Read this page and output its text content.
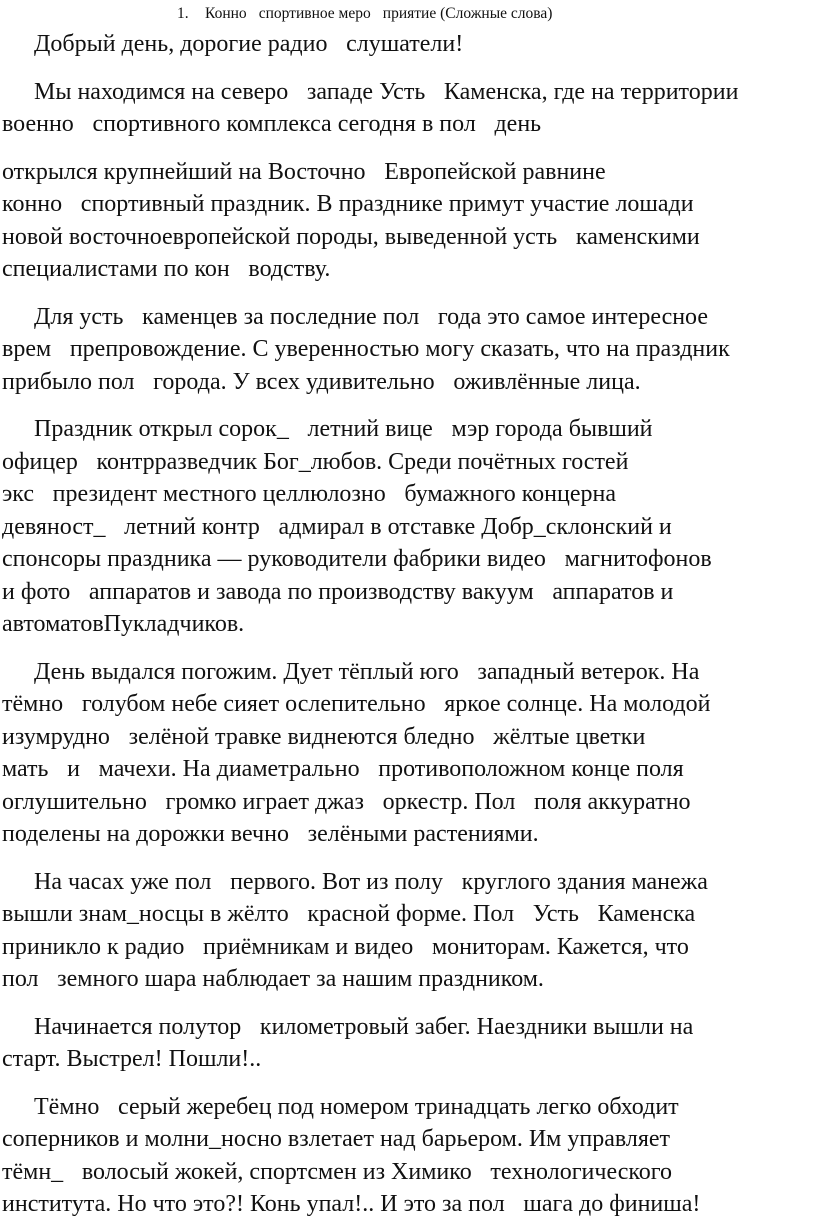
1. Конно спортивное меро приятие (Сложные слова)
Добрый день, дорогие радио слушатели!
Мы находимся на северо западе Усть Каменска, где на территории
военно спортивного комплекса сегодня в пол день
открылся крупнейший на Восточно Европейской равнине
конно спортивный праздник. В празднике примут участие лошади
новой восточноевропейской породы, выведенной усть каменскими
специалистами по кон водству.
Для усть каменцев за последние пол года это самое интересное
врем препровождение. С уверенностью могу сказать, что на праздник
прибыло пол города. У всех удивительно оживлённые лица.
Праздник открыл сорок_ летний вице мэр города бывший
офицер контрразведчик Бог_любов. Среди почётных гостей
экс президент местного целлюлозно бумажного концерна
девяност_ летний контр адмирал в отставке Добр_склонский и
спонсоры праздника — руководители фабрики видео магнитофонов
и фото аппаратов и завода по производству вакуум аппаратов и
автоматовПукладчиков.
День выдался погожим. Дует тёплый юго западный ветерок. На
тёмно голубом небе сияет ослепительно яркое солнце. На молодой
изумрудно зелёной травке виднеются бледно жёлтые цветки
мать и мачехи. На диаметрально противоположном конце поля
оглушительно громко играет джаз оркестр. Пол поля аккуратно
поделены на дорожки вечно зелёными растениями.
На часах уже пол первого. Вот из полу круглого здания манежа
вышли знам_носцы в жёлто красной форме. Пол Усть Каменска
приникло к радио приёмникам и видео мониторам. Кажется, что
пол земного шара наблюдает за нашим праздником.
Начинается полутор километровый забег. Наездники вышли на
старт. Выстрел! Пошли!..
Тёмно серый жеребец под номером тринадцать легко обходит
соперников и молни_носно взлетает над барьером. Им управляет
тёмн_ волосый жокей, спортсмен из Химико технологического
института. Но что это?! Конь упал!.. И это за пол шага до финиша!
